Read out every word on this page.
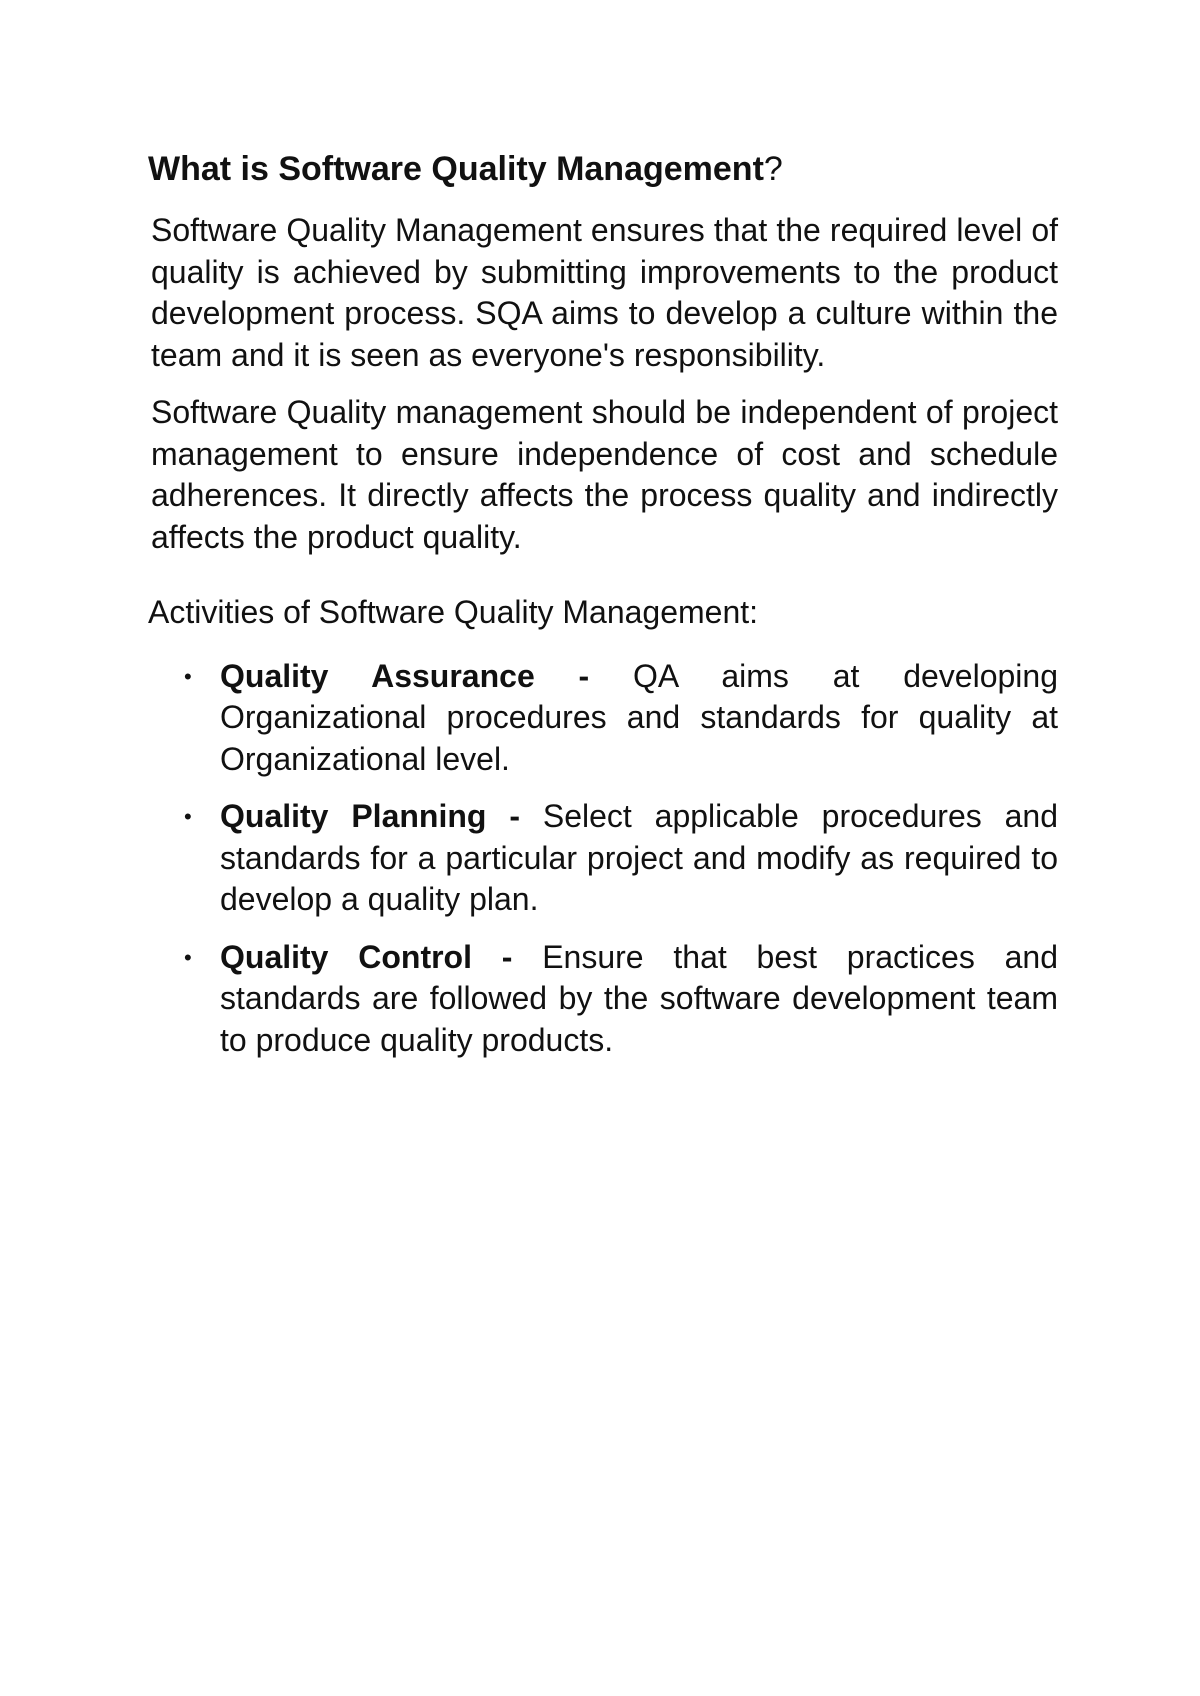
What is Software Quality Management?

Software Quality Management ensures that the required level of quality is achieved by submitting improvements to the product development process. SQA aims to develop a culture within the team and it is seen as everyone's responsibility.

Software Quality management should be independent of project management to ensure independence of cost and schedule adherences. It directly affects the process quality and indirectly affects the product quality.

Activities of Software Quality Management:

• Quality Assurance - QA aims at developing Organizational procedures and standards for quality at Organizational level.
• Quality Planning - Select applicable procedures and standards for a particular project and modify as required to develop a quality plan.
• Quality Control - Ensure that best practices and standards are followed by the software development team to produce quality products.
